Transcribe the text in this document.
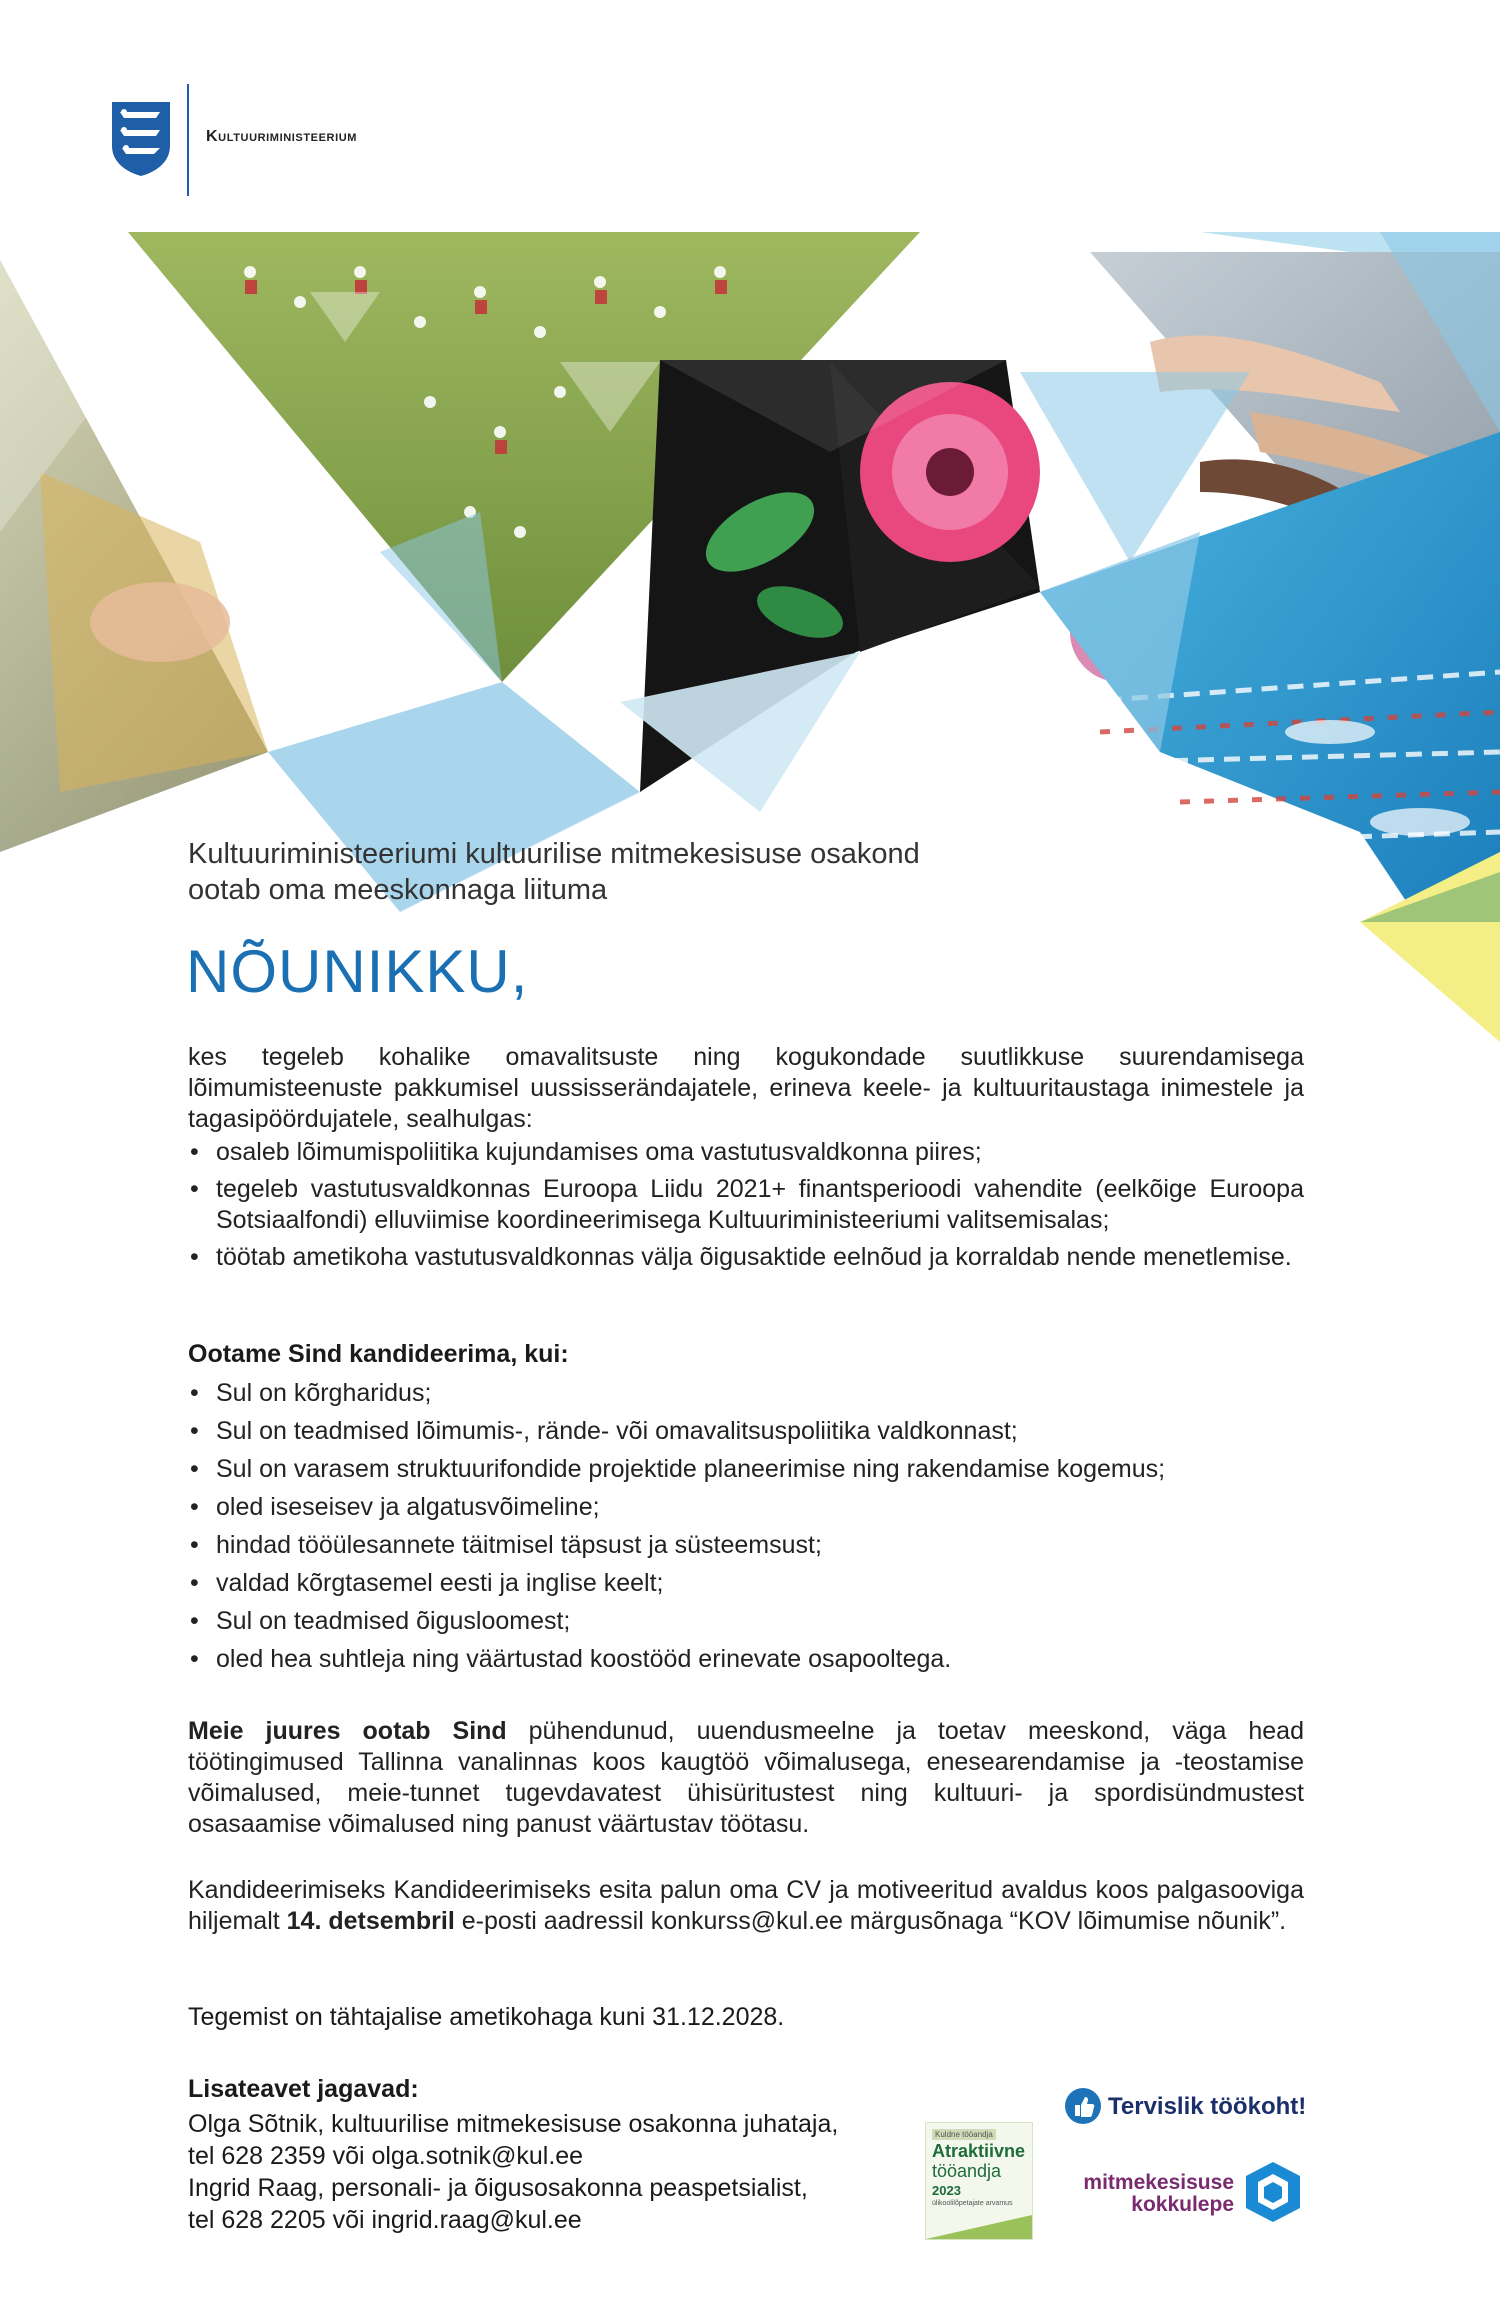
Kultuuriministeerium
Kultuuriministeeriumi kultuurilise mitmekesisuse osakond
ootab oma meeskonnaga liituma
NÕUNIKKU,
kes tegeleb kohalike omavalitsuste ning kogukondade suutlikkuse suurendamisega lõimumisteenuste pakkumisel uussisserändajatele, erineva keele- ja kultuuritaustaga inimestele ja tagasipöördujatele, sealhulgas:
• osaleb lõimumispoliitika kujundamises oma vastutusvaldkonna piires;
• tegeleb vastutusvaldkonnas Euroopa Liidu 2021+ finantsperioodi vahendite (eelkõige Euroopa Sotsiaalfondi) elluviimise koordineerimisega Kultuuriministeeriumi valitsemisalas;
• töötab ametikoha vastutusvaldkonnas välja õigusaktide eelnõud ja korraldab nende menetlemise.
Ootame Sind kandideerima, kui:
• Sul on kõrgharidus;
• Sul on teadmised lõimumis-, rände- või omavalitsuspoliitika valdkonnast;
• Sul on varasem struktuurifondide projektide planeerimise ning rakendamise kogemus;
• oled iseseisev ja algatusvõimeline;
• hindad tööülesannete täitmisel täpsust ja süsteemsust;
• valdad kõrgtasemel eesti ja inglise keelt;
• Sul on teadmised õigusloomest;
• oled hea suhtleja ning väärtustad koostööd erinevate osapooltega.
Meie juures ootab Sind pühendunud, uuendusmeelne ja toetav meeskond, väga head töötingimused Tallinna vanalinnas koos kaugtöö võimalusega, enesearendamise ja -teostamise võimalused, meie-tunnet tugevdavatest ühisüritustest ning kultuuri- ja spordisündmustest osasaamise võimalused ning panust väärtustav töötasu.
Kandideerimiseks Kandideerimiseks esita palun oma CV ja motiveeritud avaldus koos palgasooviga hiljemalt 14. detsembril e-posti aadressil konkurss@kul.ee märgusõnaga “KOV lõimumise nõunik”.
Tegemist on tähtajalise ametikohaga kuni 31.12.2028.
Lisateavet jagavad:
Olga Sõtnik, kultuurilise mitmekesisuse osakonna juhataja,
tel 628 2359 või olga.sotnik@kul.ee
Ingrid Raag, personali- ja õigusosakonna peaspetsialist,
tel 628 2205 või ingrid.raag@kul.ee
Tervislik töökoht!
Kuldne tööandja
Atraktiivne
tööandja
2023
ülikoolilõpetajate arvamus
mitmekesisuse
kokkulepe
